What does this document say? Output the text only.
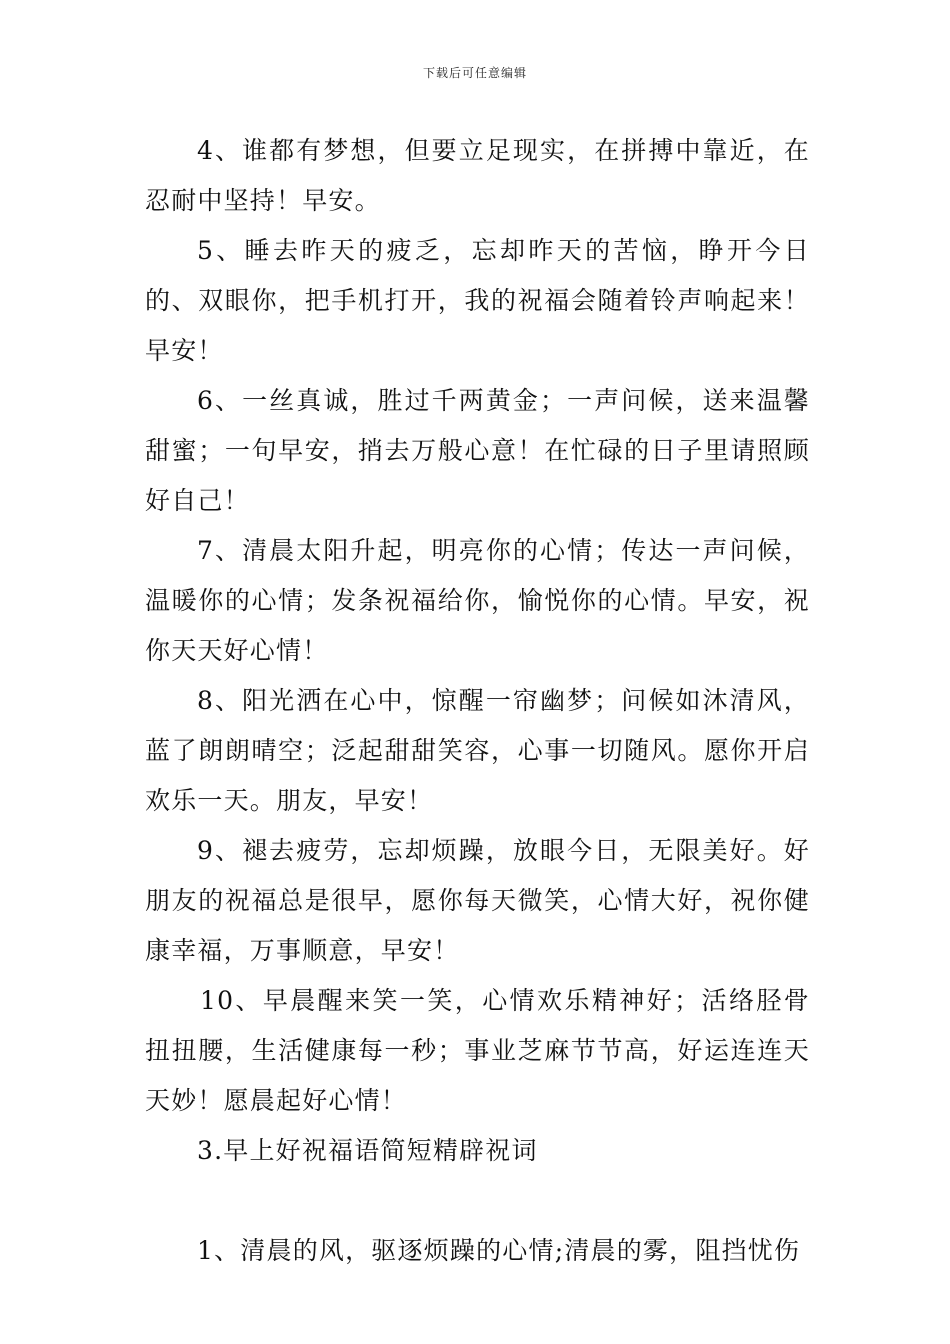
下载后可任意编辑

4、谁都有梦想，但要立足现实，在拼搏中靠近，在忍耐中坚持！早安。

5、睡去昨天的疲乏，忘却昨天的苦恼，睁开今日的、双眼你，把手机打开，我的祝福会随着铃声响起来！早安！

6、一丝真诚，胜过千两黄金；一声问候，送来温馨甜蜜；一句早安，捎去万般心意！在忙碌的日子里请照顾好自己！

7、清晨太阳升起，明亮你的心情；传达一声问候，温暖你的心情；发条祝福给你，愉悦你的心情。早安，祝你天天好心情！

8、阳光洒在心中，惊醒一帘幽梦；问候如沐清风，蓝了朗朗晴空；泛起甜甜笑容，心事一切随风。愿你开启欢乐一天。朋友，早安！

9、褪去疲劳，忘却烦躁，放眼今日，无限美好。好朋友的祝福总是很早，愿你每天微笑，心情大好，祝你健康幸福，万事顺意，早安！

10、早晨醒来笑一笑，心情欢乐精神好；活络胫骨扭扭腰，生活健康每一秒；事业芝麻节节高，好运连连天天妙！愿晨起好心情！

3.早上好祝福语简短精辟祝词

1、清晨的风，驱逐烦躁的心情;清晨的雾，阻挡忧伤
